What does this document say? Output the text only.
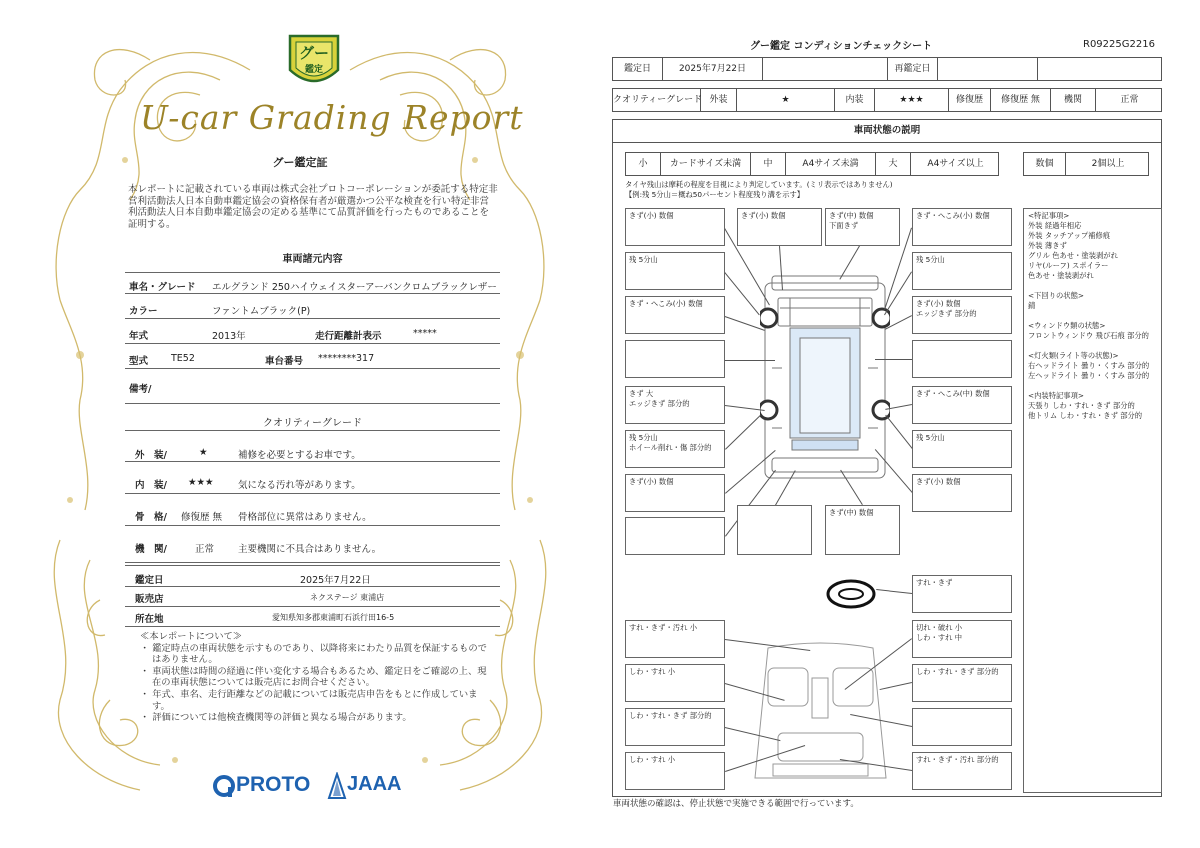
グー
鑑定
U-car Grading Report
グー鑑定証
本レポートに記載されている車両は株式会社プロトコーポレーションが委託する特定非営利活動法人日本自動車鑑定協会の資格保有者が厳選かつ公平な検査を行い特定非営利活動法人日本自動車鑑定協会の定める基準にて品質評価を行ったものであることを証明する。
車両諸元内容
車名・グレード エルグランド 250ハイウェイスターアーバンクロムブラックレザー
カラー	ファントムブラック(P)
年式	2013年	走行距離計表示	*****
型式 TE52	車台番号 ********317
備考/
クオリティーグレード
外　装/	★	補修を必要とするお車です。
内　装/ ★★★	気になる汚れ等があります。
骨　格/ 修復歴 無 骨格部位に異常はありません。
機　関/	正常	主要機関に不具合はありません。
鑑定日	2025年7月22日
販売店	ネクステージ 東浦店
所在地	愛知県知多郡東浦町石浜行田16-5
≪本レポートについて≫
・ 鑑定時点の車両状態を示すものであり、以降将来にわたり品質を保証するものではありません。
・ 車両状態は時間の経過に伴い変化する場合もあるため、鑑定日をご確認の上、現在の車両状態については販売店にお問合せください。
・ 年式、車名、走行距離などの記載については販売店申告をもとに作成しています。
・ 評価については他検査機関等の評価と異なる場合があります。
PROTO JAAA
グー鑑定 コンディションチェックシート	R09225G2216
鑑定日	2025年7月22日	再鑑定日
クオリティーグレード 外装	★	内装	★★★	修復歴	修復歴 無	機関	正常
車両状態の説明
小	カードサイズ未満	中	A4サイズ未満	大	A4サイズ以上	数個	2個以上
タイヤ残山は摩耗の程度を目視により判定しています。(ミリ表示ではありません)
【例:残 5分山＝概ね50パーセント程度残り溝を示す】
きず(小) 数個	きず(小) 数個	きず(中) 数個
下面きず
きず・へこみ(小) 数個
残 5分山	残 5分山
きず・へこみ(小) 数個	きず(小) 数個
エッジきず 部分的
きず 大
エッジきず 部分的
きず・へこみ(中) 数個
残 5分山
ホイール削れ・傷 部分的
残 5分山
きず(小) 数個	きず(小) 数個
きず(中) 数個
すれ・きず
すれ・きず・汚れ 小	切れ・破れ 小
しわ・すれ 中
しわ・すれ 小	しわ・すれ・きず 部分的
しわ・すれ・きず 部分的
しわ・すれ 小	すれ・きず・汚れ 部分的
<特記事項>
外装 経過年相応
外装 タッチアップ補修痕
外装 薄きず
グリル 色あせ・塗装剥がれ
リヤ(ルーフ) スポイラー
色あせ・塗装剥がれ
<下回りの状態>
錆
<ウィンドウ類の状態>
フロントウィンドウ 飛び石痕 部分的
<灯火類(ライト等の状態)>
右ヘッドライト 曇り・くすみ 部分的
左ヘッドライト 曇り・くすみ 部分的
<内装特記事項>
天張り しわ・すれ・きず 部分的
他トリム しわ・すれ・きず 部分的
車両状態の確認は、停止状態で実施できる範囲で行っています。
